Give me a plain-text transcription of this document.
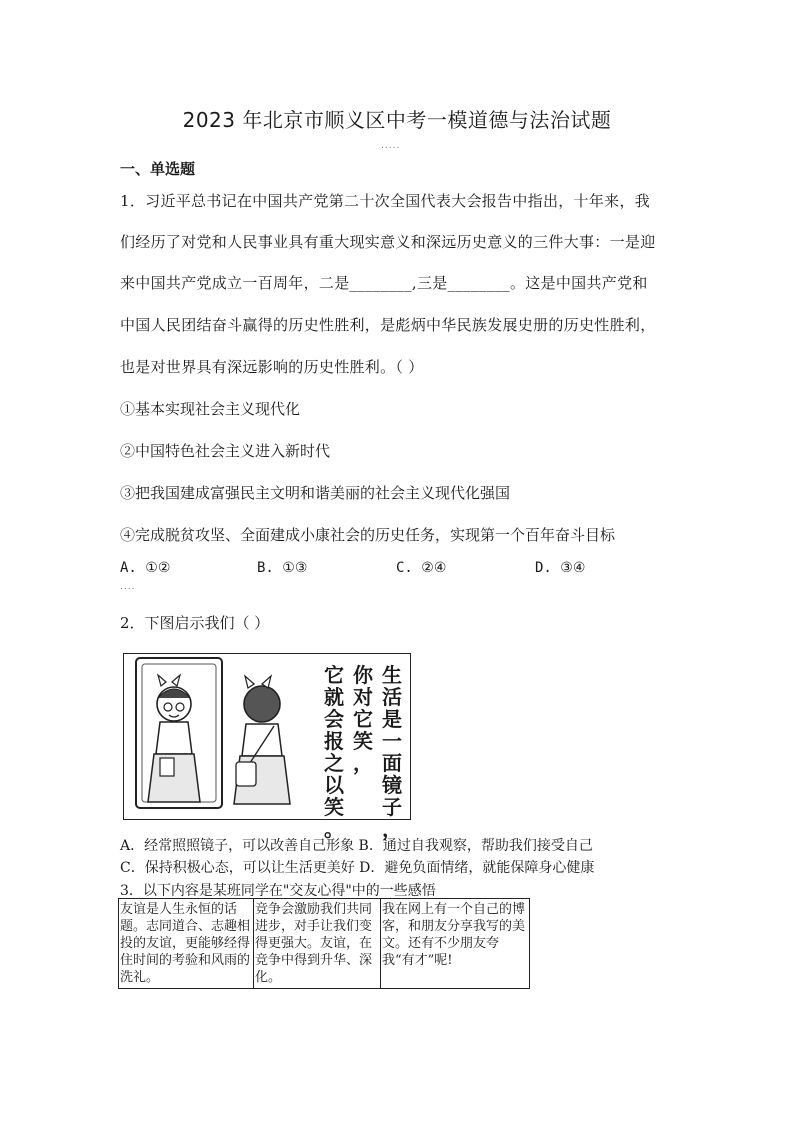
2023 年北京市顺义区中考一模道德与法治试题
.....
一、单选题
1．习近平总书记在中国共产党第二十次全国代表大会报告中指出，十年来，我
们经历了对党和人民事业具有重大现实意义和深远历史意义的三件大事：一是迎
来中国共产党成立一百周年，二是________,三是________。这是中国共产党和
中国人民团结奋斗赢得的历史性胜利，是彪炳中华民族发展史册的历史性胜利，
也是对世界具有深远影响的历史性胜利。（ ）
①基本实现社会主义现代化
②中国特色社会主义进入新时代
③把我国建成富强民主文明和谐美丽的社会主义现代化强国
④完成脱贫攻坚、全面建成小康社会的历史任务，实现第一个百年奋斗目标
A. ①②	B. ①③	C. ②④	D. ③④
....
2．下图启示我们（ ）
生
活
是
一
面
镜
子
，
你
对
它
笑
，
它
就
会
报
之
以
笑
。
A．经常照照镜子，可以改善自己形象 B．通过自我观察，帮助我们接受自己
C．保持积极心态，可以让生活更美好 D．避免负面情绪，就能保障身心健康
3．以下内容是某班同学在"交友心得"中的一些感悟
友谊是人生永恒的话题。志同道合、志趣相投的友谊，更能够经得住时间的考验和风雨的洗礼。	竞争会激励我们共同进步，对手让我们变得更强大。友谊，在竞争中得到升华、深化。	我在网上有一个自己的博客，和朋友分享我写的美文。还有不少朋友夸我“有才”呢!
